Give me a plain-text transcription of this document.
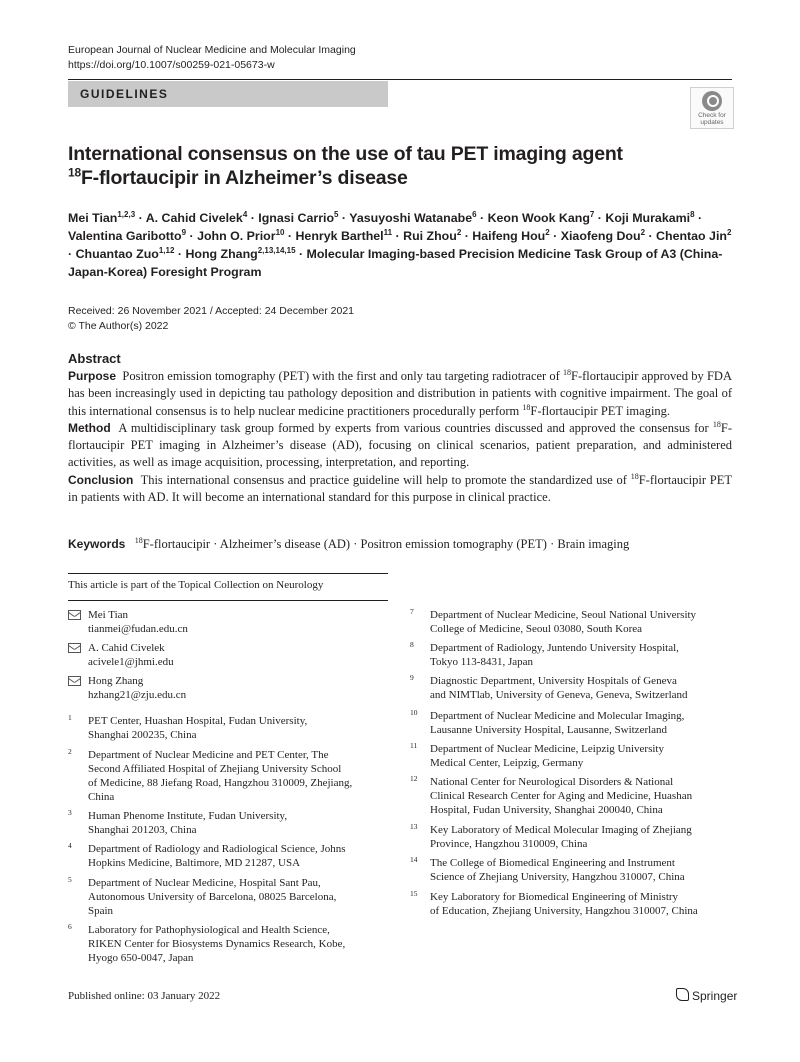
European Journal of Nuclear Medicine and Molecular Imaging
https://doi.org/10.1007/s00259-021-05673-w
GUIDELINES
Check for
updates
International consensus on the use of tau PET imaging agent
$^{18}$F-flortaucipir in Alzheimer’s disease
Mei Tian$^{1,2,3}$ · A. Cahid Civelek$^4$ · Ignasi Carrio$^5$ · Yasuyoshi Watanabe$^6$ · Keon Wook Kang$^7$ · Koji Murakami$^8$ · Valentina Garibotto$^9$ · John O. Prior$^{10}$ · Henryk Barthel$^{11}$ · Rui Zhou$^2$ · Haifeng Hou$^2$ · Xiaofeng Dou$^2$ · Chentao Jin$^2$ · Chuantao Zuo$^{1,12}$ · Hong Zhang$^{2,13,14,15}$ · Molecular Imaging-based Precision Medicine Task Group of A3 (China-Japan-Korea) Foresight Program
Received: 26 November 2021 / Accepted: 24 December 2021
© The Author(s) 2022
Abstract

Purpose Positron emission tomography (PET) with the first and only tau targeting radiotracer of $^{18}$F-flortaucipir approved by FDA has been increasingly used in depicting tau pathology deposition and distribution in patients with cognitive impairment. The goal of this international consensus is to help nuclear medicine practitioners procedurally perform $^{18}$F-flortaucipir PET imaging.

Method A multidisciplinary task group formed by experts from various countries discussed and approved the consensus for $^{18}$F-flortaucipir PET imaging in Alzheimer’s disease (AD), focusing on clinical scenarios, patient preparation, and administered activities, as well as image acquisition, processing, interpretation, and reporting.

Conclusion This international consensus and practice guideline will help to promote the standardized use of $^{18}$F-flortaucipir PET in patients with AD. It will become an international standard for this purpose in clinical practice.

Keywords $^{18}$F-flortaucipir · Alzheimer’s disease (AD) · Positron emission tomography (PET) · Brain imaging
This article is part of the Topical Collection on Neurology
Mei Tian
tianmei@fudan.edu.cn
A. Cahid Civelek
acivele1@jhmi.edu
Hong Zhang
hzhang21@zju.edu.cn
1 PET Center, Huashan Hospital, Fudan University,
Shanghai 200235, China
2 Department of Nuclear Medicine and PET Center, The
Second Affiliated Hospital of Zhejiang University School
of Medicine, 88 Jiefang Road, Hangzhou 310009, Zhejiang,
China
3 Human Phenome Institute, Fudan University,
Shanghai 201203, China
4 Department of Radiology and Radiological Science, Johns
Hopkins Medicine, Baltimore, MD 21287, USA
5 Department of Nuclear Medicine, Hospital Sant Pau,
Autonomous University of Barcelona, 08025 Barcelona,
Spain
6 Laboratory for Pathophysiological and Health Science,
RIKEN Center for Biosystems Dynamics Research, Kobe,
Hyogo 650-0047, Japan
7 Department of Nuclear Medicine, Seoul National University
College of Medicine, Seoul 03080, South Korea
8 Department of Radiology, Juntendo University Hospital,
Tokyo 113-8431, Japan
9 Diagnostic Department, University Hospitals of Geneva
and NIMTlab, University of Geneva, Geneva, Switzerland
10 Department of Nuclear Medicine and Molecular Imaging,
Lausanne University Hospital, Lausanne, Switzerland
11 Department of Nuclear Medicine, Leipzig University
Medical Center, Leipzig, Germany
12 National Center for Neurological Disorders & National
Clinical Research Center for Aging and Medicine, Huashan
Hospital, Fudan University, Shanghai 200040, China
13 Key Laboratory of Medical Molecular Imaging of Zhejiang
Province, Hangzhou 310009, China
14 The College of Biomedical Engineering and Instrument
Science of Zhejiang University, Hangzhou 310007, China
15 Key Laboratory for Biomedical Engineering of Ministry
of Education, Zhejiang University, Hangzhou 310007, China
Published online: 03 January 2022	Springer
